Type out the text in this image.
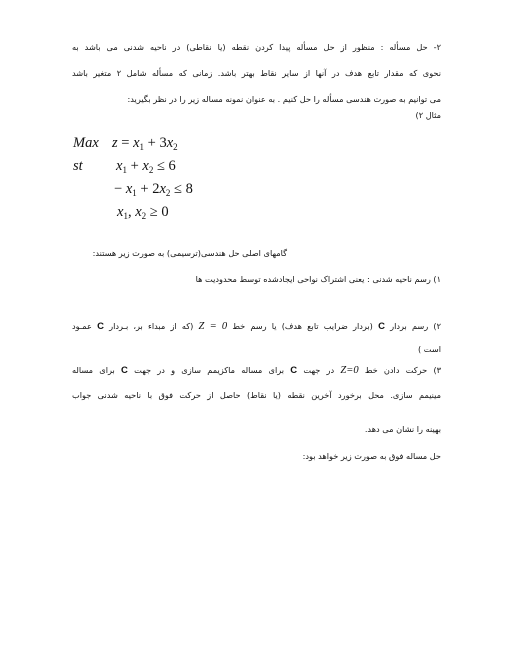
۲- حل مسأله : منظور از حل مسأله پیدا کردن نقطه (یا نقاطی) در ناحیه شدنی می باشد به
نحوی که مقدار تابع هدف در آنها از سایر نقاط بهتر باشد. زمانی که مسأله شامل ۲ متغیر باشد
می توانیم به صورت هندسی مسأله را حل کنیم . به عنوان نمونه مساله زیر را در نظر بگیرید:
مثال ۲)
Max $z = x_1 + 3x_2$
st $x_1 + x_2 \le 6$
− $x_1 + 2x_2 \le 8$
$x_1$, $x_2 \ge 0$
گامهای اصلی حل هندسی(ترسیمی) به صورت زیر هستند:
۱) رسم ناحیه شدنی : یعنی اشتراک نواحی ایجادشده توسط محدودیت ها
۲) رسم بردار C (بردار ضرایب تابع هدف) یا رسم خط Z = 0 (که از مبداء بر، بـردار C عمـود
است )
۳) حرکت دادن خط Z=0 در جهت C برای مساله ماکزیمم سازی و در جهت C برای مساله
مینیمم سازی. محل برخورد آخرین نقطه (یا نقاط) حاصل از حرکت فوق با ناحیه شدنی جواب
بهینه را نشان می دهد.
حل مساله فوق به صورت زیر خواهد بود:
